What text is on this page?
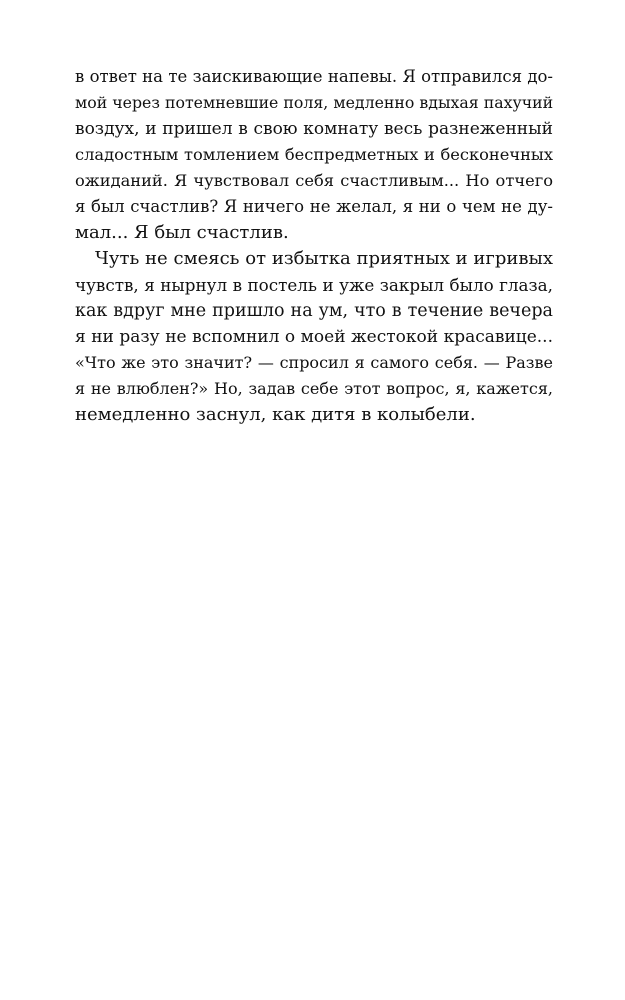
в ответ на те заискивающие напевы. Я отправился до-
мой через потемневшие поля, медленно вдыхая пахучий
воздух, и пришел в свою комнату весь разнеженный
сладостным томлением беспредметных и бесконечных
ожиданий. Я чувствовал себя счастливым... Но отчего
я был счастлив? Я ничего не желал, я ни о чем не ду-
мал... Я был счастлив.
Чуть не смеясь от избытка приятных и игривых
чувств, я нырнул в постель и уже закрыл было глаза,
как вдруг мне пришло на ум, что в течение вечера
я ни разу не вспомнил о моей жестокой красавице...
«Что же это значит? — спросил я самого себя. — Разве
я не влюблен?» Но, задав себе этот вопрос, я, кажется,
немедленно заснул, как дитя в колыбели.
